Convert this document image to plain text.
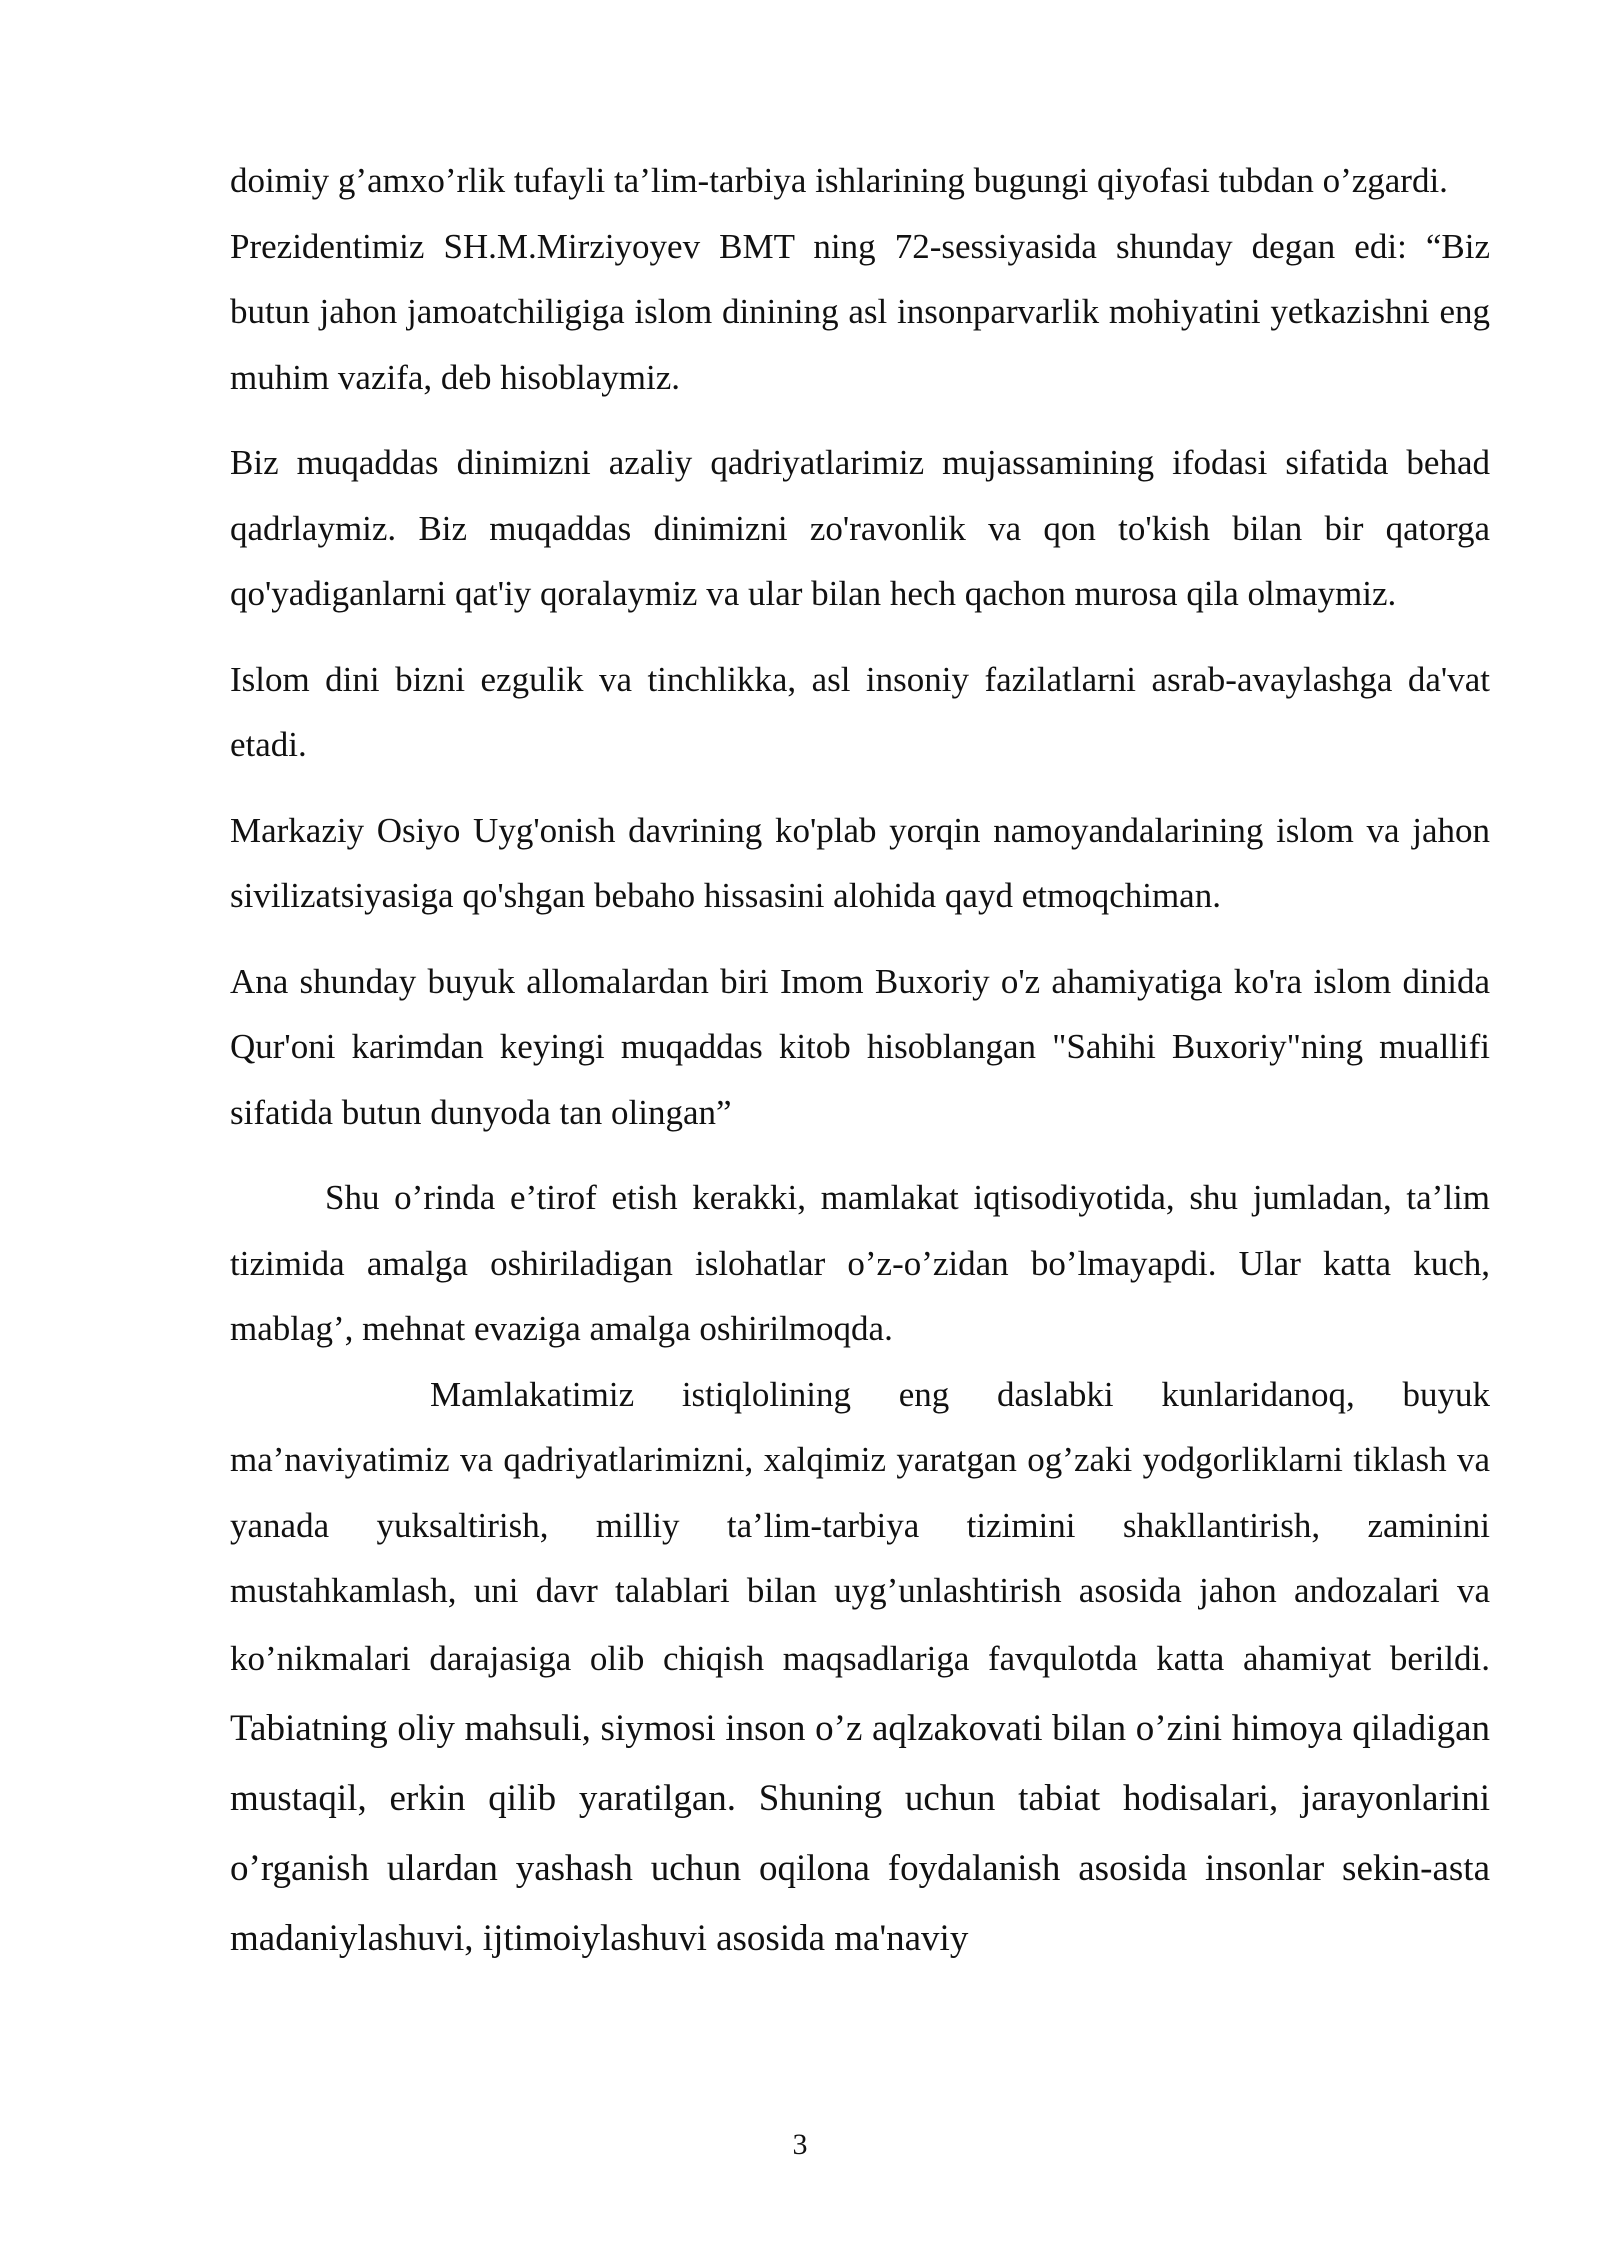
doimiy g’amxo’rlik tufayli ta’lim-tarbiya ishlarining bugungi qiyofasi tubdan o’zgardi.

Prezidentimiz SH.M.Mirziyoyev BMT ning 72-sessiyasida shunday degan edi: “Biz butun jahon jamoatchiligiga islom dinining asl insonparvarlik mohiyatini yetkazishni eng muhim vazifa, deb hisoblaymiz.

Biz muqaddas dinimizni azaliy qadriyatlarimiz mujassamining ifodasi sifatida behad qadrlaymiz. Biz muqaddas dinimizni zo'ravonlik va qon to'kish bilan bir qatorga qo'yadiganlarni qat'iy qoralaymiz va ular bilan hech qachon murosa qila olmaymiz.

Islom dini bizni ezgulik va tinchlikka, asl insoniy fazilatlarni asrab-avaylashga da'vat etadi.

Markaziy Osiyo Uyg'onish davrining ko'plab yorqin namoyandalarining islom va jahon sivilizatsiyasiga qo'shgan bebaho hissasini alohida qayd etmoqchiman.

Ana shunday buyuk allomalardan biri Imom Buxoriy o'z ahamiyatiga ko'ra islom dinida Qur'oni karimdan keyingi muqaddas kitob hisoblangan "Sahihi Buxoriy"ning muallifi sifatida butun dunyoda tan olingan”

Shu o’rinda e’tirof etish kerakki, mamlakat iqtisodiyotida, shu jumladan, ta’lim tizimida amalga oshiriladigan islohatlar o’z-o’zidan bo’lmayapdi. Ular katta kuch, mablag’, mehnat evaziga amalga oshirilmoqda.

Mamlakatimiz istiqlolining eng daslabki kunlaridanoq, buyuk ma’naviyatimiz va qadriyatlarimizni, xalqimiz yaratgan og’zaki yodgorliklarni tiklash va yanada yuksaltirish, milliy ta’lim-tarbiya tizimini shakllantirish, zaminini mustahkamlash, uni davr talablari bilan uyg’unlashtirish asosida jahon andozalari va ko’nikmalari darajasiga olib chiqish maqsadlariga favqulotda katta ahamiyat berildi.

Tabiatning oliy mahsuli, siymosi inson o’z aqlzakovati bilan o’zini himoya qiladigan mustaqil, erkin qilib yaratilgan. Shuning uchun tabiat hodisalari, jarayonlarini o’rganish ulardan yashash uchun oqilona foydalanish asosida insonlar sekin-asta madaniylashuvi, ijtimoiylashuvi asosida ma'naviy

3
